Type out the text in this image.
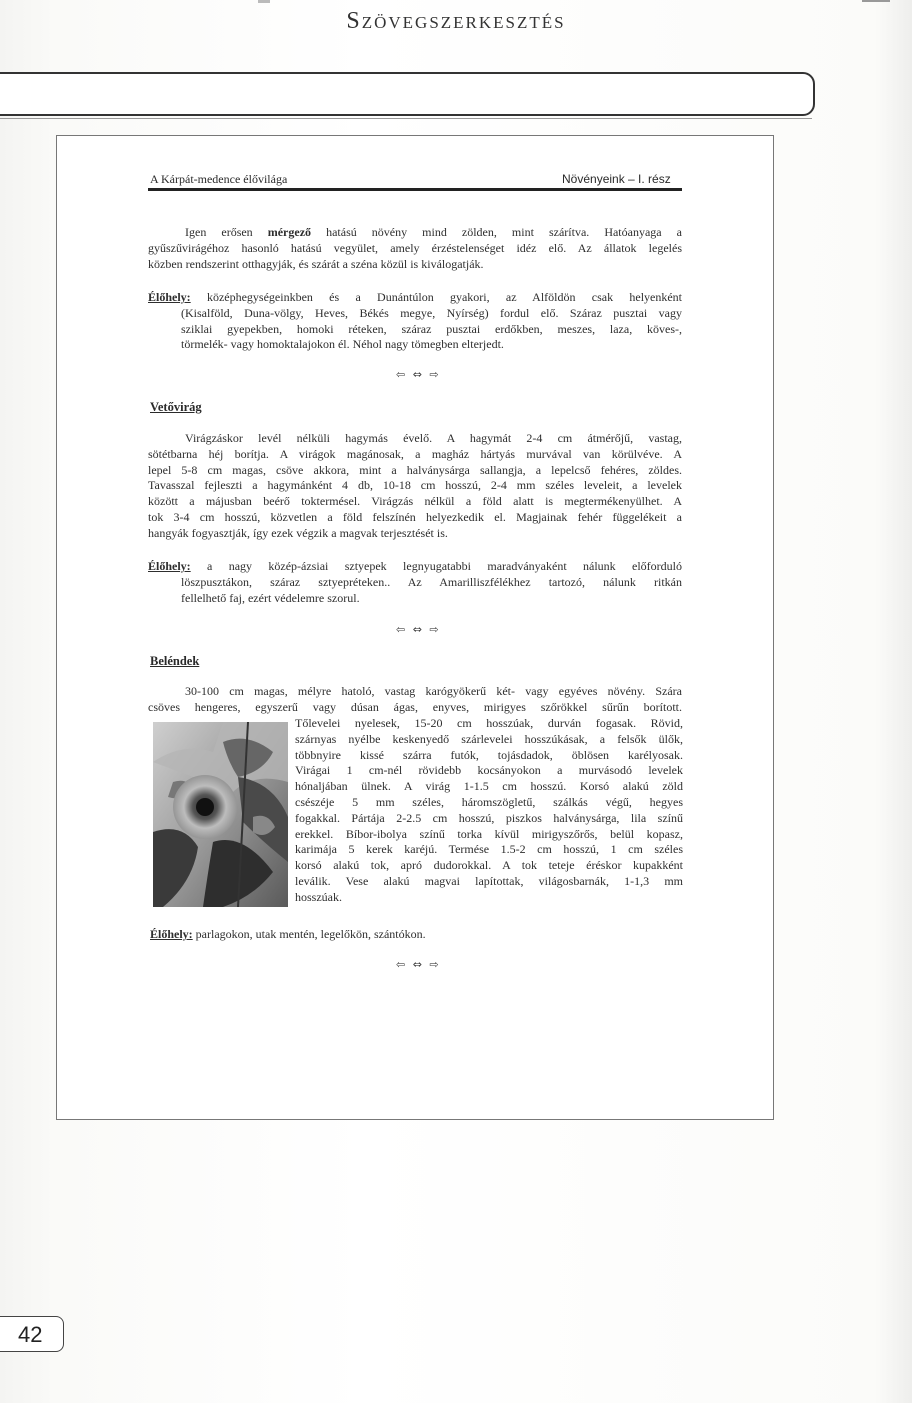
Szövegszerkesztés
A Kárpát-medence élővilága	Növényeink – I. rész
Igen erősen mérgező hatású növény mind zölden, mint szárítva. Hatóanyaga a
gyűszűvirágéhoz hasonló hatású vegyület, amely érzéstelenséget idéz elő. Az állatok legelés
közben rendszerint otthagyják, és szárát a széna közül is kiválogatják.
Élőhely: középhegységeinkben és a Dunántúlon gyakori, az Alföldön csak helyenként
(Kisalföld, Duna-völgy, Heves, Békés megye, Nyírség) fordul elő. Száraz pusztai vagy
sziklai gyepekben, homoki réteken, száraz pusztai erdőkben, meszes, laza, köves-,
törmelék- vagy homoktalajokon él. Néhol nagy tömegben elterjedt.
⇦ ⇔ ⇨
Vetővirág
Virágzáskor levél nélküli hagymás évelő. A hagymát 2-4 cm átmérőjű, vastag,
sötétbarna héj borítja. A virágok magánosak, a magház hártyás murvával van körülvéve. A
lepel 5-8 cm magas, csöve akkora, mint a halványsárga sallangja, a lepelcső fehéres, zöldes.
Tavasszal fejleszti a hagymánként 4 db, 10-18 cm hosszú, 2-4 mm széles leveleit, a levelek
között a májusban beérő toktermésel. Virágzás nélkül a föld alatt is megtermékenyülhet. A
tok 3-4 cm hosszú, közvetlen a föld felszínén helyezkedik el. Magjainak fehér függelékeit a
hangyák fogyasztják, így ezek végzik a magvak terjesztését is.
Élőhely: a nagy közép-ázsiai sztyepek legnyugatabbi maradványaként nálunk előforduló
löszpusztákon, száraz sztyepréteken.. Az Amarilliszfélékhez tartozó, nálunk ritkán
fellelhető faj, ezért védelemre szorul.
⇦ ⇔ ⇨
Beléndek
30-100 cm magas, mélyre hatoló, vastag karógyökerű két- vagy egyéves növény. Szára
csöves hengeres, egyszerű vagy dúsan ágas, enyves, mirigyes szőrökkel sűrűn borított.
Tőlevelei nyelesek, 15-20 cm hosszúak, durván fogasak. Rövid,
szárnyas nyélbe keskenyedő szárlevelei hosszúkásak, a felsők ülők,
többnyire kissé szárra futók, tojásdadok, öblösen karélyosak.
Virágai 1 cm-nél rövidebb kocsányokon a murvásodó levelek
hónaljában ülnek. A virág 1-1.5 cm hosszú. Korsó alakú zöld
csészéje 5 mm széles, háromszögletű, szálkás végű, hegyes
fogakkal. Pártája 2-2.5 cm hosszú, piszkos halványsárga, lila színű
erekkel. Bíbor-ibolya színű torka kívül mirigyszőrős, belül kopasz,
karimája 5 kerek karéjú. Termése 1.5-2 cm hosszú, 1 cm széles
korsó alakú tok, apró dudorokkal. A tok teteje éréskor kupakként
leválik. Vese alakú magvai lapítottak, világosbarnák, 1-1,3 mm
hosszúak.
Élőhely: parlagokon, utak mentén, legelőkön, szántókon.
⇦ ⇔ ⇨
42
